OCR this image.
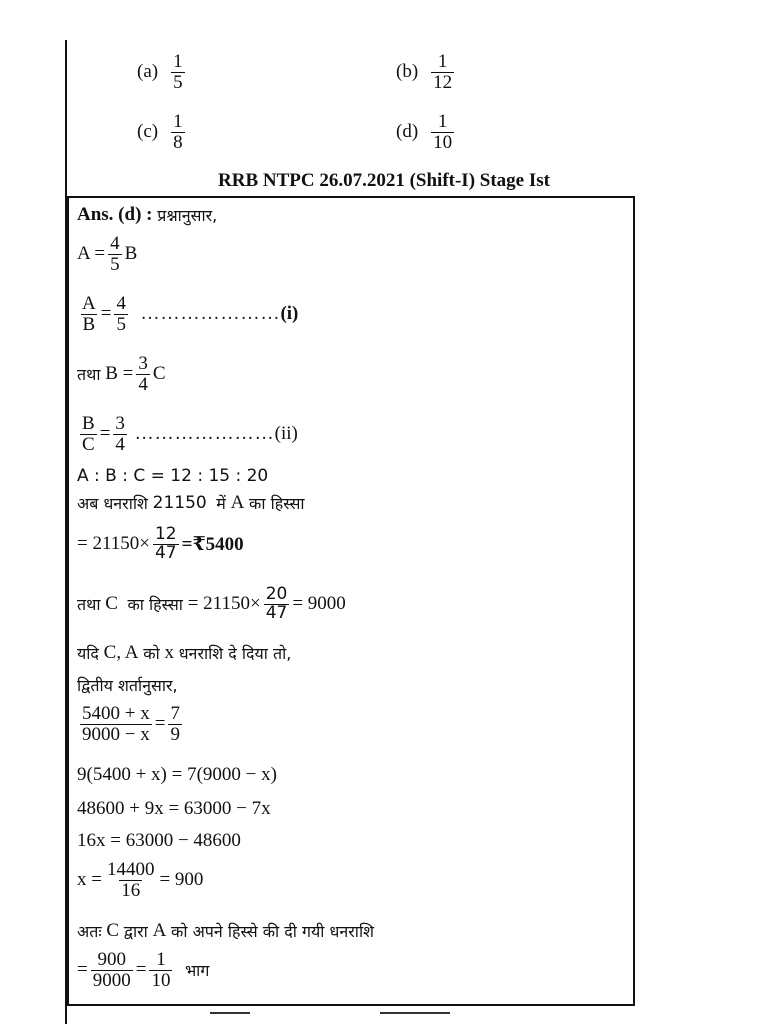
$(a) \frac{1}{5}$	$(b) \frac{1}{12}$
$(c) \frac{1}{8}$	$(d) \frac{1}{10}$
RRB NTPC 26.07.2021 (Shift-I) Stage Ist
Ans. (d) :
प्रश्नानुसार,
$A = \frac{4}{5}$ B
$\frac{A}{B} = \frac{4}{5}$
………………… (i)
तथा
$B = \frac{3}{4}$ C
$\frac{B}{C} = \frac{3}{4}$
………………… (ii)
A : B : C = 12 : 15 : 20
अब धनराशि
21150
में
A
का हिस्सा
= $21150\times \frac{12}{47}$ =₹5400
तथा
C
का हिस्सा
= $21150\times \frac{20}{47} = 9000$
यदि
C, A
को
x
धनराशि दे दिया तो,
द्वितीय शर्तानुसार,
$\frac{5400 + x}{9000 - x} = \frac{7}{9}$
9(5400 + x) = 7(9000 − x)
48600 + 9x = 63000 − 7x
16x = 63000 − 48600
$x = \frac{14400}{16} = 900$
अतः
C
द्वारा
A
को अपने हिस्से की दी गयी धनराशि
= $\frac{900}{9000} = \frac{1}{10}$
भाग
